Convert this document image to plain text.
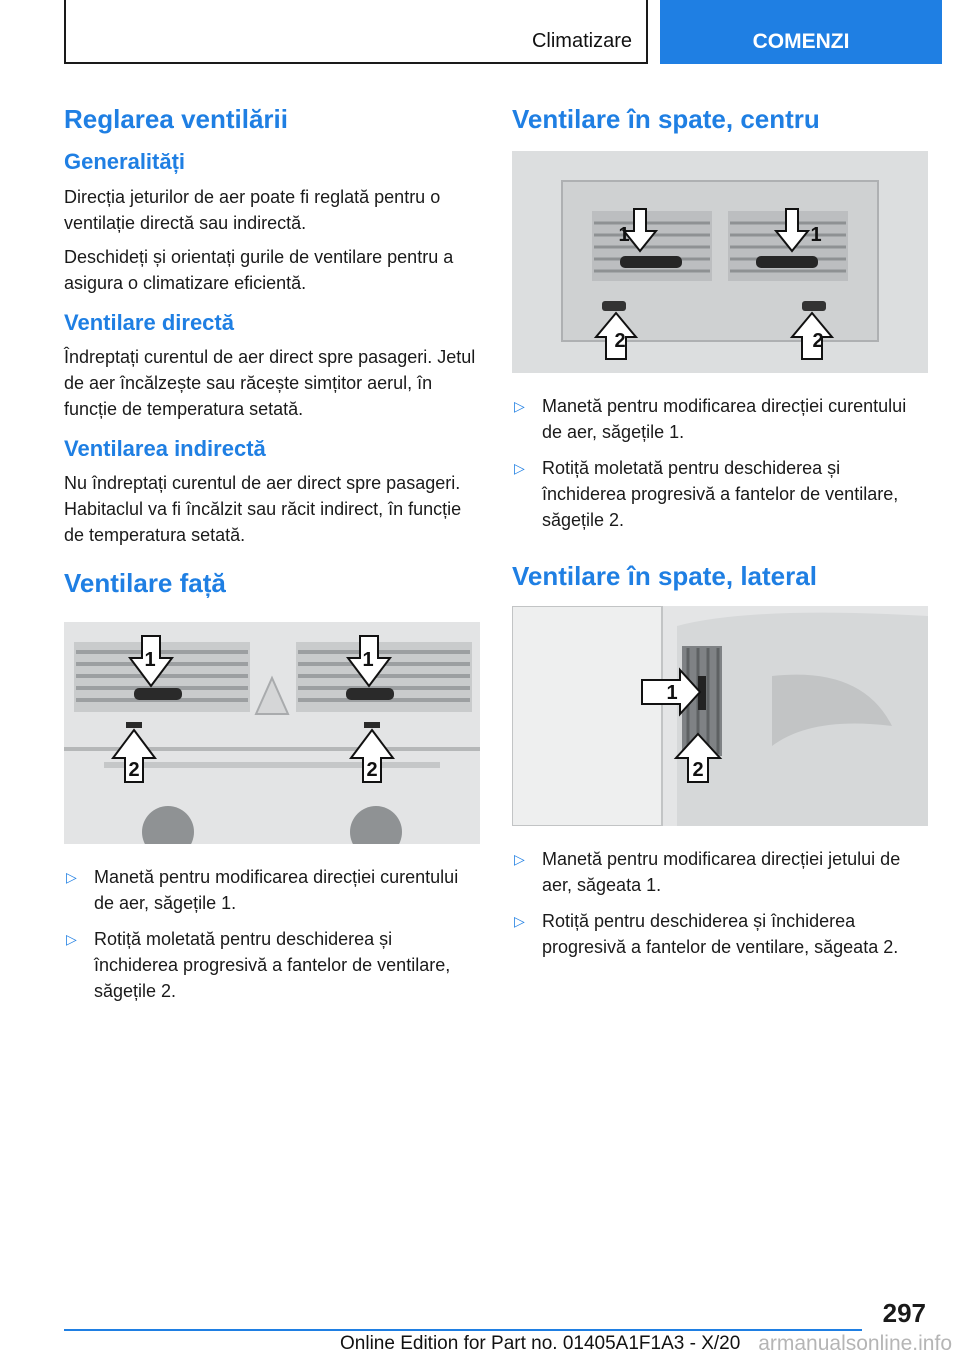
Climatizare	COMENZI
Reglarea ventilării
Generalități

Direcția jeturilor de aer poate fi reglată pentru o ventilație directă sau indirectă.

Deschideți și orientați gurile de ventilare pentru a asigura o climatizare eficientă.

Ventilare directă

Îndreptați curentul de aer direct spre pasageri. Jetul de aer încălzește sau răcește simțitor aerul, în funcție de temperatura setată.

Ventilarea indirectă

Nu îndreptați curentul de aer direct spre pasageri. Habitaclul va fi încălzit sau răcit indirect, în funcție de temperatura setată.

Ventilare față
1	1
2	2
▷ Manetă pentru modificarea direcției curentului de aer, săgețile 1.
▷ Rotiță moletată pentru deschiderea și închiderea progresivă a fantelor de ventilare, săgețile 2.
Ventilare în spate, centru
1	1
2	2
▷ Manetă pentru modificarea direcției curentului de aer, săgețile 1.
▷ Rotiță moletată pentru deschiderea și închiderea progresivă a fantelor de ventilare, săgețile 2.
Ventilare în spate, lateral
1
2
▷ Manetă pentru modificarea direcției jetului de aer, săgeata 1.
▷ Rotiță pentru deschiderea și închiderea progresivă a fantelor de ventilare, săgeata 2.
297
Online Edition for Part no. 01405A1F1A3 - X/20 armanualsonline.info
